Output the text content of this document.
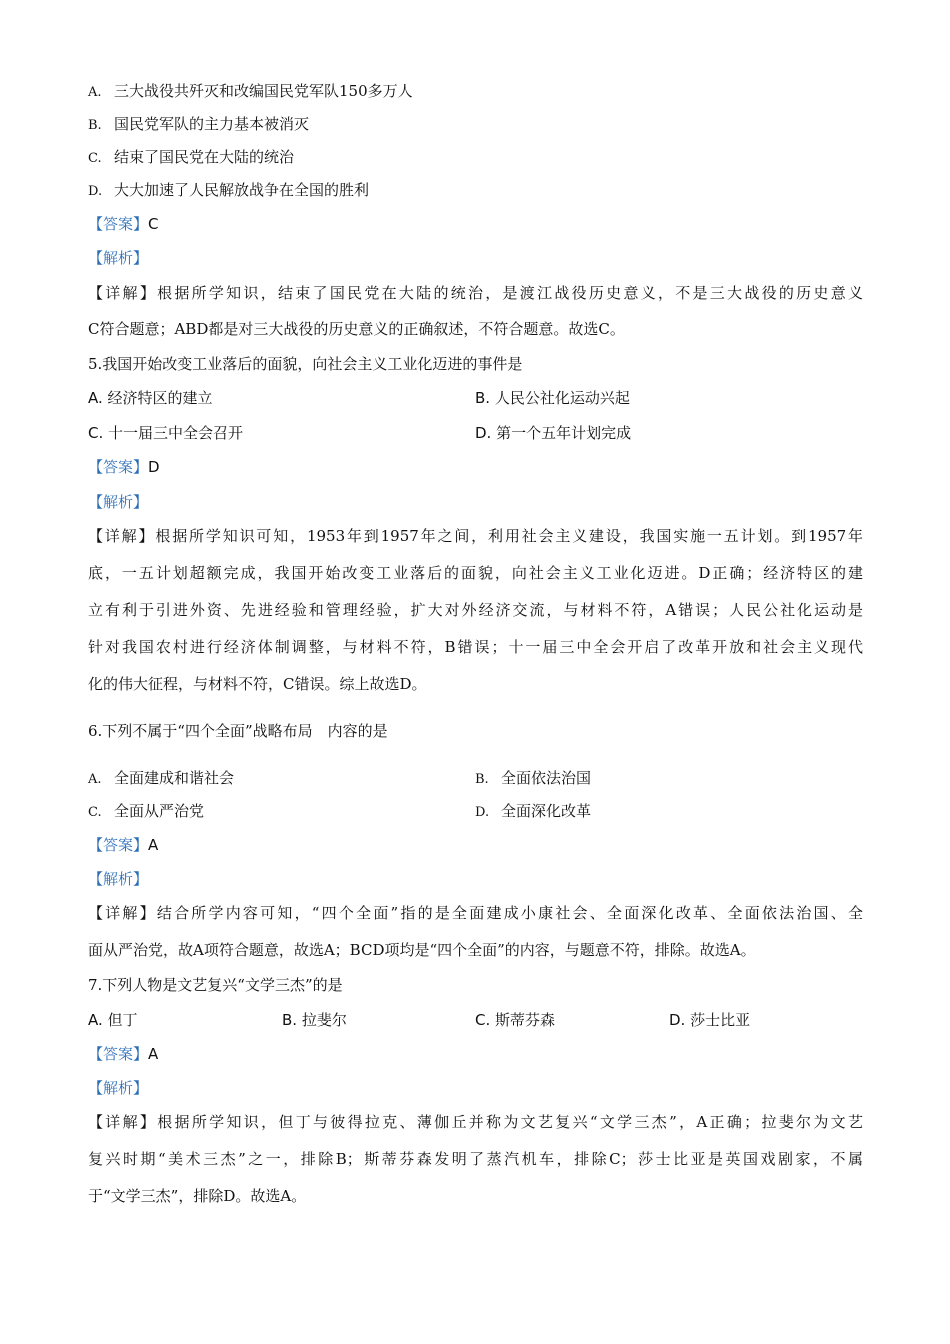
A. 三大战役共歼灭和改编国民党军队150多万人
B. 国民党军队的主力基本被消灭
C. 结束了国民党在大陆的统治
D. 大大加速了人民解放战争在全国的胜利
【答案】C
【解析】
【详解】根据所学知识，结束了国民党在大陆的统治，是渡江战役历史意义，不是三大战役的历史意义
C符合题意；ABD都是对三大战役的历史意义的正确叙述，不符合题意。故选C。
5.我国开始改变工业落后的面貌，向社会主义工业化迈进的事件是
A. 经济特区的建立	B. 人民公社化运动兴起
C. 十一届三中全会召开	D. 第一个五年计划完成
【答案】D
【解析】
【详解】根据所学知识可知，1953年到1957年之间，利用社会主义建设，我国实施一五计划。到1957年
底，一五计划超额完成，我国开始改变工业落后的面貌，向社会主义工业化迈进。D正确；经济特区的建
立有利于引进外资、先进经验和管理经验，扩大对外经济交流，与材料不符，A错误；人民公社化运动是
针对我国农村进行经济体制调整，与材料不符，B错误；十一届三中全会开启了改革开放和社会主义现代
化的伟大征程，与材料不符，C错误。综上故选D。
6.下列不属于“四个全面”战略布局　内容的是
A. 全面建成和谐社会	B. 全面依法治国
C. 全面从严治党	D. 全面深化改革
【答案】A
【解析】
【详解】结合所学内容可知，“四个全面”指的是全面建成小康社会、全面深化改革、全面依法治国、全
面从严治党，故A项符合题意，故选A；BCD项均是“四个全面”的内容，与题意不符，排除。故选A。
7.下列人物是文艺复兴“文学三杰”的是
A. 但丁	B. 拉斐尔	C. 斯蒂芬森	D. 莎士比亚
【答案】A
【解析】
【详解】根据所学知识，但丁与彼得拉克、薄伽丘并称为文艺复兴“文学三杰”，A正确；拉斐尔为文艺
复兴时期“美术三杰”之一，排除B；斯蒂芬森发明了蒸汽机车，排除C；莎士比亚是英国戏剧家，不属
于“文学三杰”，排除D。故选A。
